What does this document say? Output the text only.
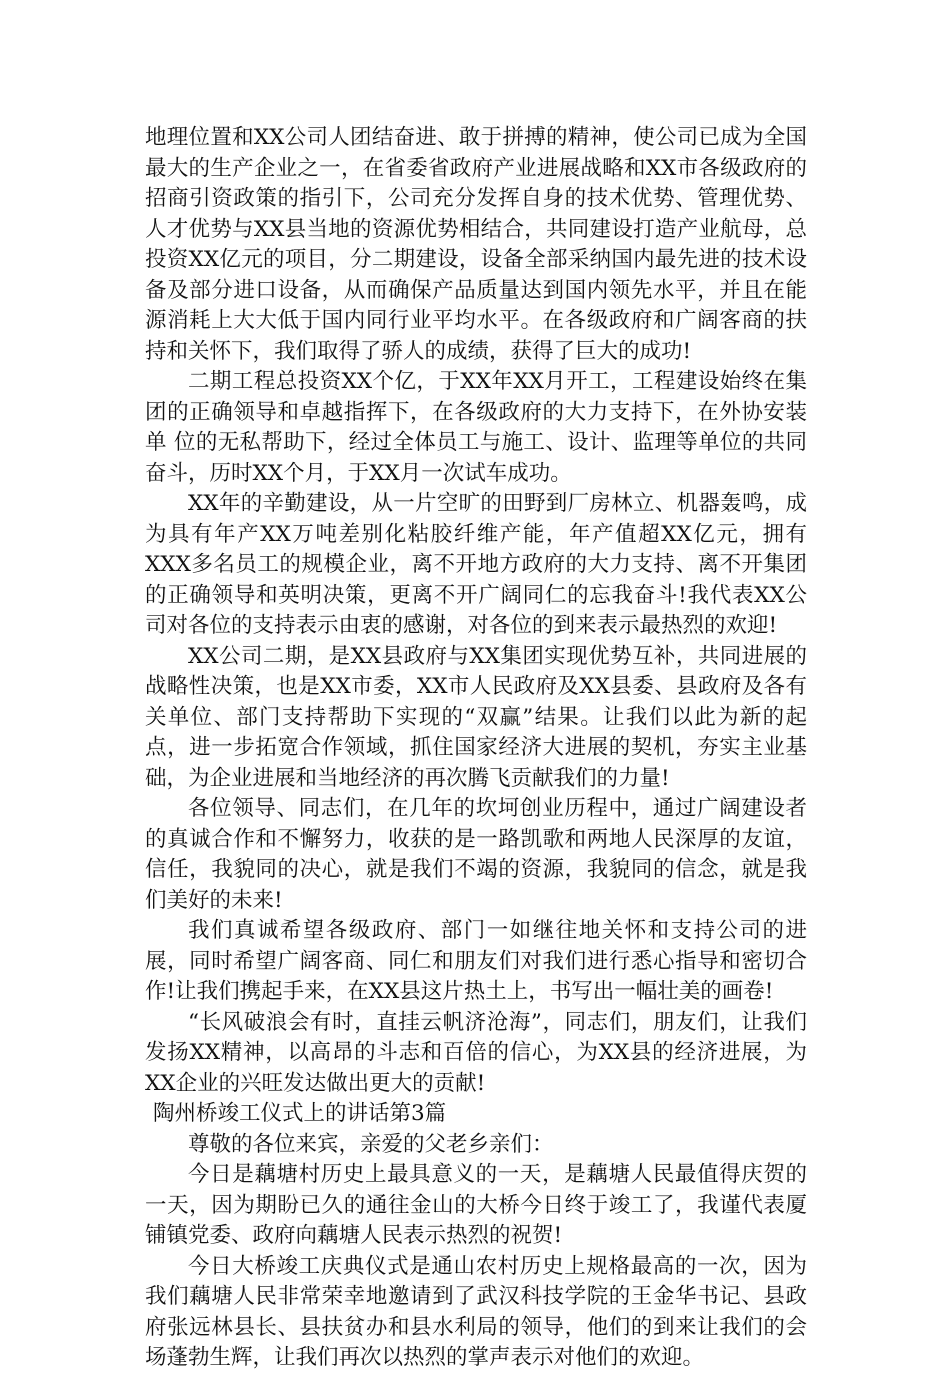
地理位置和XX公司人团结奋进、敢于拼搏的精神，使公司已成为全国最大的生产企业之一，在省委省政府产业进展战略和XX市各级政府的招商引资政策的指引下，公司充分发挥自身的技术优势、管理优势、人才优势与XX县当地的资源优势相结合，共同建设打造产业航母，总投资XX亿元的项目，分二期建设，设备全部采纳国内最先进的技术设备及部分进口设备，从而确保产品质量达到国内领先水平，并且在能源消耗上大大低于国内同行业平均水平。在各级政府和广阔客商的扶持和关怀下，我们取得了骄人的成绩，获得了巨大的成功!

二期工程总投资XX个亿，于XX年XX月开工，工程建设始终在集团的正确领导和卓越指挥下，在各级政府的大力支持下，在外协安装单 位的无私帮助下，经过全体员工与施工、设计、监理等单位的共同奋斗，历时XX个月，于XX月一次试车成功。

XX年的辛勤建设，从一片空旷的田野到厂房林立、机器轰鸣，成为具有年产XX万吨差别化粘胶纤维产能，年产值超XX亿元，拥有XXX多名员工的规模企业，离不开地方政府的大力支持、离不开集团的正确领导和英明决策，更离不开广阔同仁的忘我奋斗!我代表XX公司对各位的支持表示由衷的感谢，对各位的到来表示最热烈的欢迎!

XX公司二期，是XX县政府与XX集团实现优势互补，共同进展的战略性决策，也是XX市委，XX市人民政府及XX县委、县政府及各有关单位、部门支持帮助下实现的“双赢”结果。让我们以此为新的起点，进一步拓宽合作领域，抓住国家经济大进展的契机，夯实主业基础，为企业进展和当地经济的再次腾飞贡献我们的力量!

各位领导、同志们，在几年的坎坷创业历程中，通过广阔建设者的真诚合作和不懈努力，收获的是一路凯歌和两地人民深厚的友谊，信任，我貌同的决心，就是我们不竭的资源，我貌同的信念，就是我们美好的未来!

我们真诚希望各级政府、部门一如继往地关怀和支持公司的进展，同时希望广阔客商、同仁和朋友们对我们进行悉心指导和密切合作!让我们携起手来，在XX县这片热土上，书写出一幅壮美的画卷!

“长风破浪会有时，直挂云帆济沧海”，同志们，朋友们，让我们发扬XX精神，以高昂的斗志和百倍的信心，为XX县的经济进展，为XX企业的兴旺发达做出更大的贡献!

陶州桥竣工仪式上的讲话第3篇

尊敬的各位来宾，亲爱的父老乡亲们：

今日是藕塘村历史上最具意义的一天，是藕塘人民最值得庆贺的一天，因为期盼已久的通往金山的大桥今日终于竣工了，我谨代表厦铺镇党委、政府向藕塘人民表示热烈的祝贺!

今日大桥竣工庆典仪式是通山农村历史上规格最高的一次，因为我们藕塘人民非常荣幸地邀请到了武汉科技学院的王金华书记、县政府张远林县长、县扶贫办和县水利局的领导，他们的到来让我们的会场蓬勃生辉，让我们再次以热烈的掌声表示对他们的欢迎。
